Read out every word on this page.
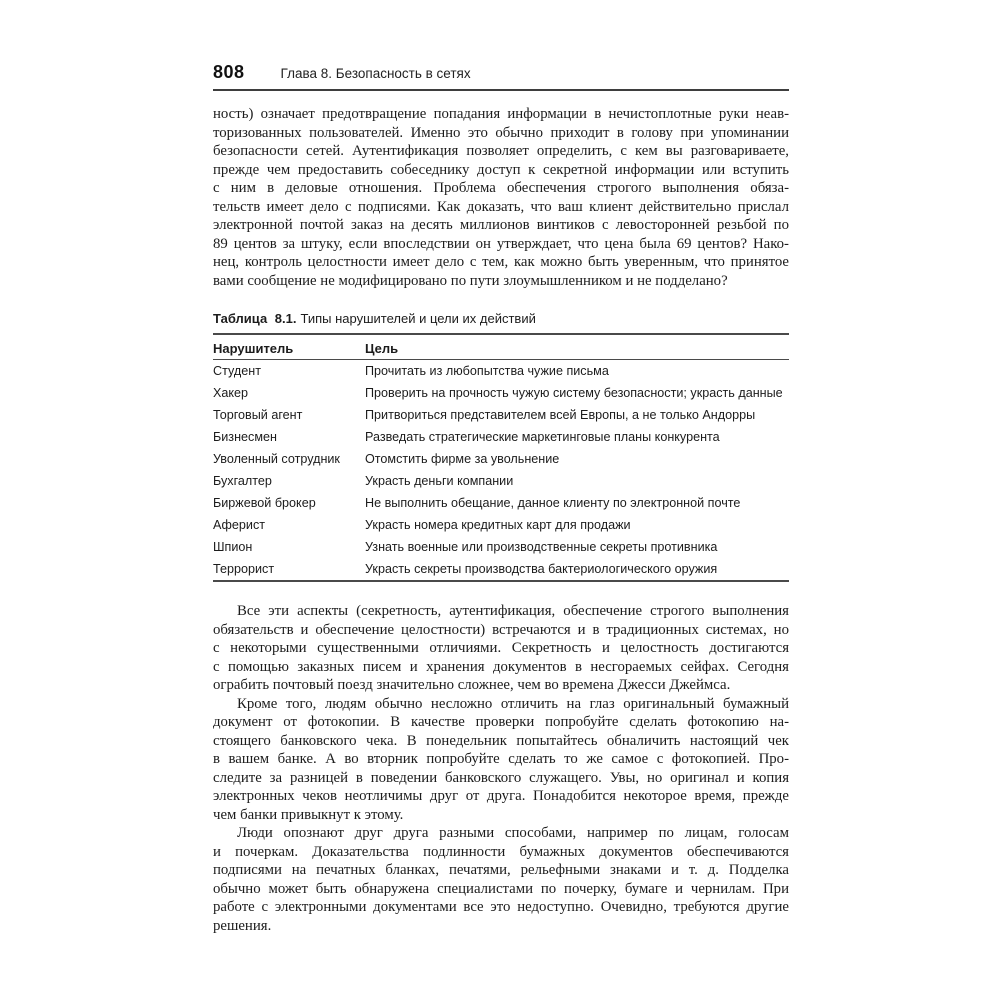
808	Глава 8. Безопасность в сетях
ность) означает предотвращение попадания информации в нечистоплотные руки неав-
торизованных пользователей. Именно это обычно приходит в голову при упоминании
безопасности сетей. Аутентификация позволяет определить, с кем вы разговариваете,
прежде чем предоставить собеседнику доступ к секретной информации или вступить
с ним в деловые отношения. Проблема обеспечения строгого выполнения обяза-
тельств имеет дело с подписями. Как доказать, что ваш клиент действительно прислал
электронной почтой заказ на десять миллионов винтиков с левосторонней резьбой по
89 центов за штуку, если впоследствии он утверждает, что цена была 69 центов? Нако-
нец, контроль целостности имеет дело с тем, как можно быть уверенным, что принятое
вами сообщение не модифицировано по пути злоумышленником и не подделано?
Таблица 8.1. Типы нарушителей и цели их действий
Нарушитель	Цель
Студент	Прочитать из любопытства чужие письма
Хакер	Проверить на прочность чужую систему безопасности; украсть данные
Торговый агент	Притвориться представителем всей Европы, а не только Андорры
Бизнесмен	Разведать стратегические маркетинговые планы конкурента
Уволенный сотрудник	Отомстить фирме за увольнение
Бухгалтер	Украсть деньги компании
Биржевой брокер	Не выполнить обещание, данное клиенту по электронной почте
Аферист	Украсть номера кредитных карт для продажи
Шпион	Узнать военные или производственные секреты противника
Террорист	Украсть секреты производства бактериологического оружия
Все эти аспекты (секретность, аутентификация, обеспечение строгого выполнения
обязательств и обеспечение целостности) встречаются и в традиционных системах, но
с некоторыми существенными отличиями. Секретность и целостность достигаются
с помощью заказных писем и хранения документов в несгораемых сейфах. Сегодня
ограбить почтовый поезд значительно сложнее, чем во времена Джесси Джеймса.
Кроме того, людям обычно несложно отличить на глаз оригинальный бумажный
документ от фотокопии. В качестве проверки попробуйте сделать фотокопию на-
стоящего банковского чека. В понедельник попытайтесь обналичить настоящий чек
в вашем банке. А во вторник попробуйте сделать то же самое с фотокопией. Про-
следите за разницей в поведении банковского служащего. Увы, но оригинал и копия
электронных чеков неотличимы друг от друга. Понадобится некоторое время, прежде
чем банки привыкнут к этому.
Люди опознают друг друга разными способами, например по лицам, голосам
и почеркам. Доказательства подлинности бумажных документов обеспечиваются
подписями на печатных бланках, печатями, рельефными знаками и т. д. Подделка
обычно может быть обнаружена специалистами по почерку, бумаге и чернилам. При
работе с электронными документами все это недоступно. Очевидно, требуются другие
решения.
